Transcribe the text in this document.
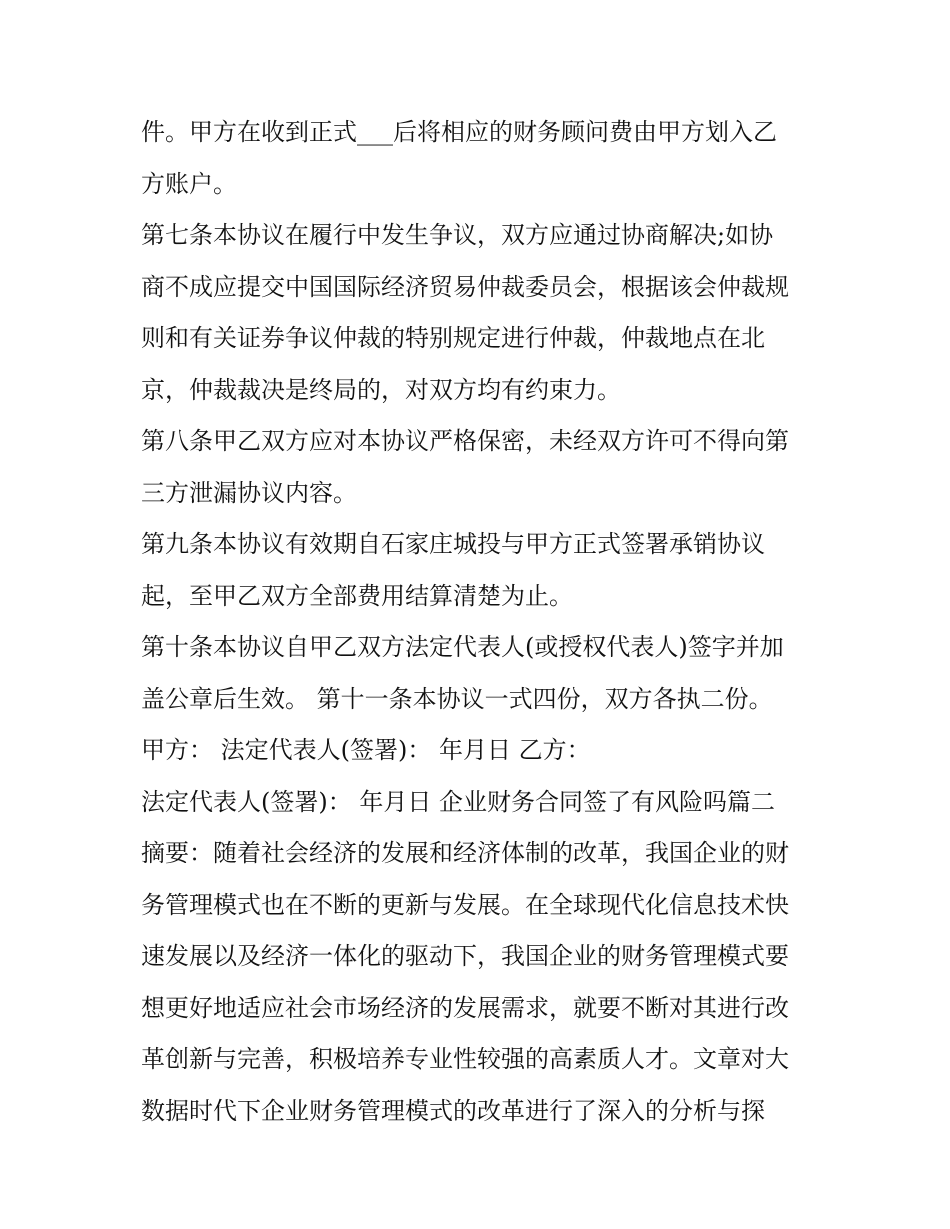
件。甲方在收到正式___后将相应的财务顾问费由甲方划入乙
方账户。
第七条本协议在履行中发生争议，双方应通过协商解决;如协
商不成应提交中国国际经济贸易仲裁委员会，根据该会仲裁规
则和有关证券争议仲裁的特别规定进行仲裁，仲裁地点在北
京，仲裁裁决是终局的，对双方均有约束力。
第八条甲乙双方应对本协议严格保密，未经双方许可不得向第
三方泄漏协议内容。
第九条本协议有效期自石家庄城投与甲方正式签署承销协议
起，至甲乙双方全部费用结算清楚为止。
第十条本协议自甲乙双方法定代表人(或授权代表人)签字并加
盖公章后生效。 第十一条本协议一式四份，双方各执二份。
甲方： 法定代表人(签署)： 年月日 乙方：
法定代表人(签署)： 年月日 企业财务合同签了有风险吗篇二
摘要：随着社会经济的发展和经济体制的改革，我国企业的财
务管理模式也在不断的更新与发展。在全球现代化信息技术快
速发展以及经济一体化的驱动下，我国企业的财务管理模式要
想更好地适应社会市场经济的发展需求，就要不断对其进行改
革创新与完善，积极培养专业性较强的高素质人才。文章对大
数据时代下企业财务管理模式的改革进行了深入的分析与探
